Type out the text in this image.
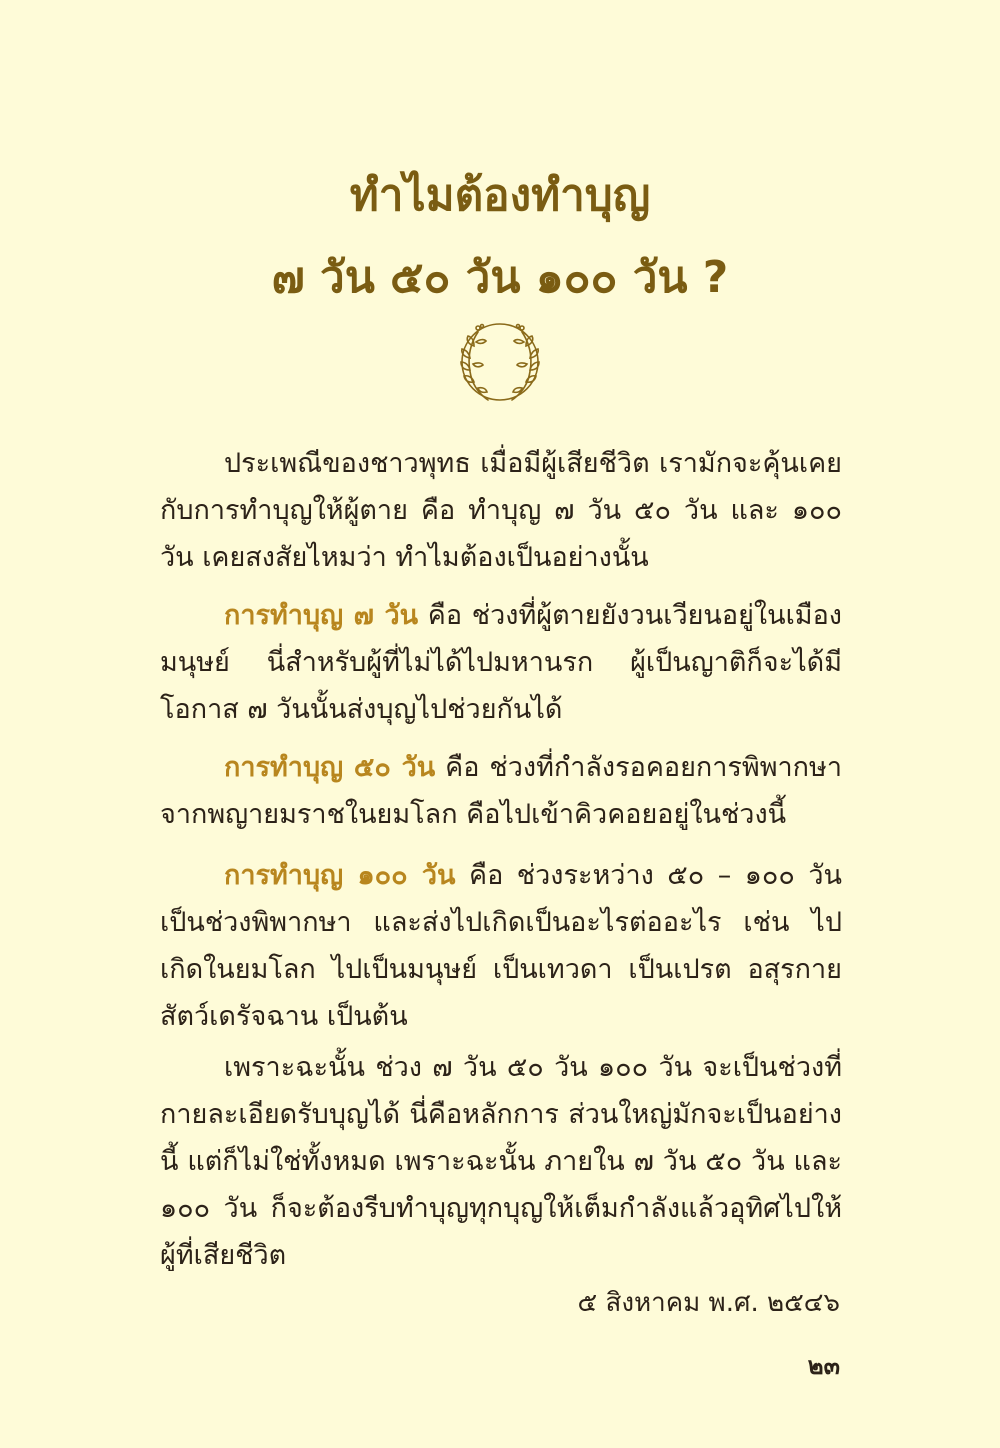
ทำไมต้องทำบุญ
๗ วัน ๕๐ วัน ๑๐๐ วัน ?

ประเพณีของชาวพุทธ เมื่อมีผู้เสียชีวิต เรามักจะคุ้นเคยกับการทำบุญให้ผู้ตาย คือ ทำบุญ ๗ วัน ๕๐ วัน และ ๑๐๐ วัน เคยสงสัยไหมว่า ทำไมต้องเป็นอย่างนั้น

การทำบุญ ๗ วัน คือ ช่วงที่ผู้ตายยังวนเวียนอยู่ในเมืองมนุษย์ นี่สำหรับผู้ที่ไม่ได้ไปมหานรก ผู้เป็นญาติก็จะได้มีโอกาส ๗ วันนั้นส่งบุญไปช่วยกันได้

การทำบุญ ๕๐ วัน คือ ช่วงที่กำลังรอคอยการพิพากษาจากพญายมราชในยมโลก คือไปเข้าคิวคอยอยู่ในช่วงนี้

การทำบุญ ๑๐๐ วัน คือ ช่วงระหว่าง ๕๐ – ๑๐๐ วัน เป็นช่วงพิพากษา และส่งไปเกิดเป็นอะไรต่ออะไร เช่น ไปเกิดในยมโลก ไปเป็นมนุษย์ เป็นเทวดา เป็นเปรต อสุรกาย สัตว์เดรัจฉาน เป็นต้น

เพราะฉะนั้น ช่วง ๗ วัน ๕๐ วัน ๑๐๐ วัน จะเป็นช่วงที่กายละเอียดรับบุญได้ นี่คือหลักการ ส่วนใหญ่มักจะเป็นอย่างนี้ แต่ก็ไม่ใช่ทั้งหมด เพราะฉะนั้น ภายใน ๗ วัน ๕๐ วัน และ ๑๐๐ วัน ก็จะต้องรีบทำบุญทุกบุญให้เต็มกำลังแล้วอุทิศไปให้ผู้ที่เสียชีวิต

๕ สิงหาคม พ.ศ. ๒๕๔๖
๒๓
